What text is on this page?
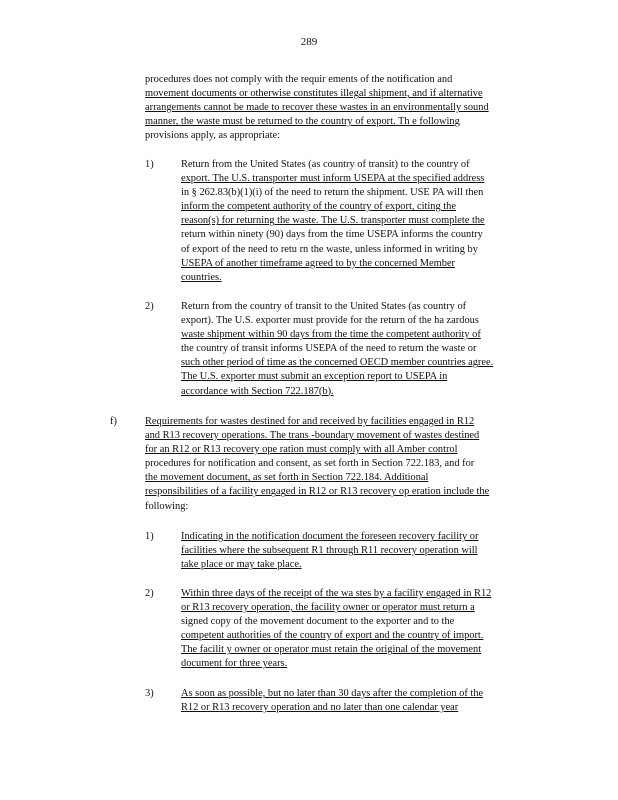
289
procedures does not comply with the requir ements of the notification and
movement documents or otherwise constitutes illegal shipment, and if alternative
arrangements cannot be made to recover these wastes in an environmentally sound
manner, the waste must be returned to the country of export. Th e following
provisions apply, as appropriate:
1)	Return from the United States (as country of transit) to the country of
export. The U.S. transporter must inform USEPA at the specified address
in § 262.83(b)(1)(i) of the need to return the shipment. USE PA will then
inform the competent authority of the country of export, citing the
reason(s) for returning the waste. The U.S. transporter must complete the
return within ninety (90) days from the time USEPA informs the country
of export of the need to retu rn the waste, unless informed in writing by
USEPA of another timeframe agreed to by the concerned Member
countries.
2)	Return from the country of transit to the United States (as country of
export). The U.S. exporter must provide for the return of the ha zardous
waste shipment within 90 days from the time the competent authority of
the country of transit informs USEPA of the need to return the waste or
such other period of time as the concerned OECD member countries agree.
The U.S. exporter must submit an exception report to USEPA in
accordance with Section 722.187(b).
f)	Requirements for wastes destined for and received by facilities engaged in R12
and R13 recovery operations. The trans -boundary movement of wastes destined
for an R12 or R13 recovery ope ration must comply with all Amber control
procedures for notification and consent, as set forth in Section 722.183, and for
the movement document, as set forth in Section 722.184. Additional
responsibilities of a facility engaged in R12 or R13 recovery op eration include the
following:
1)	Indicating in the notification document the foreseen recovery facility or
facilities where the subsequent R1 through R11 recovery operation will
take place or may take place.
2)	Within three days of the receipt of the wa stes by a facility engaged in R12
or R13 recovery operation, the facility owner or operator must return a
signed copy of the movement document to the exporter and to the
competent authorities of the country of export and the country of import.
The facilit y owner or operator must retain the original of the movement
document for three years.
3)	As soon as possible, but no later than 30 days after the completion of the
R12 or R13 recovery operation and no later than one calendar year
